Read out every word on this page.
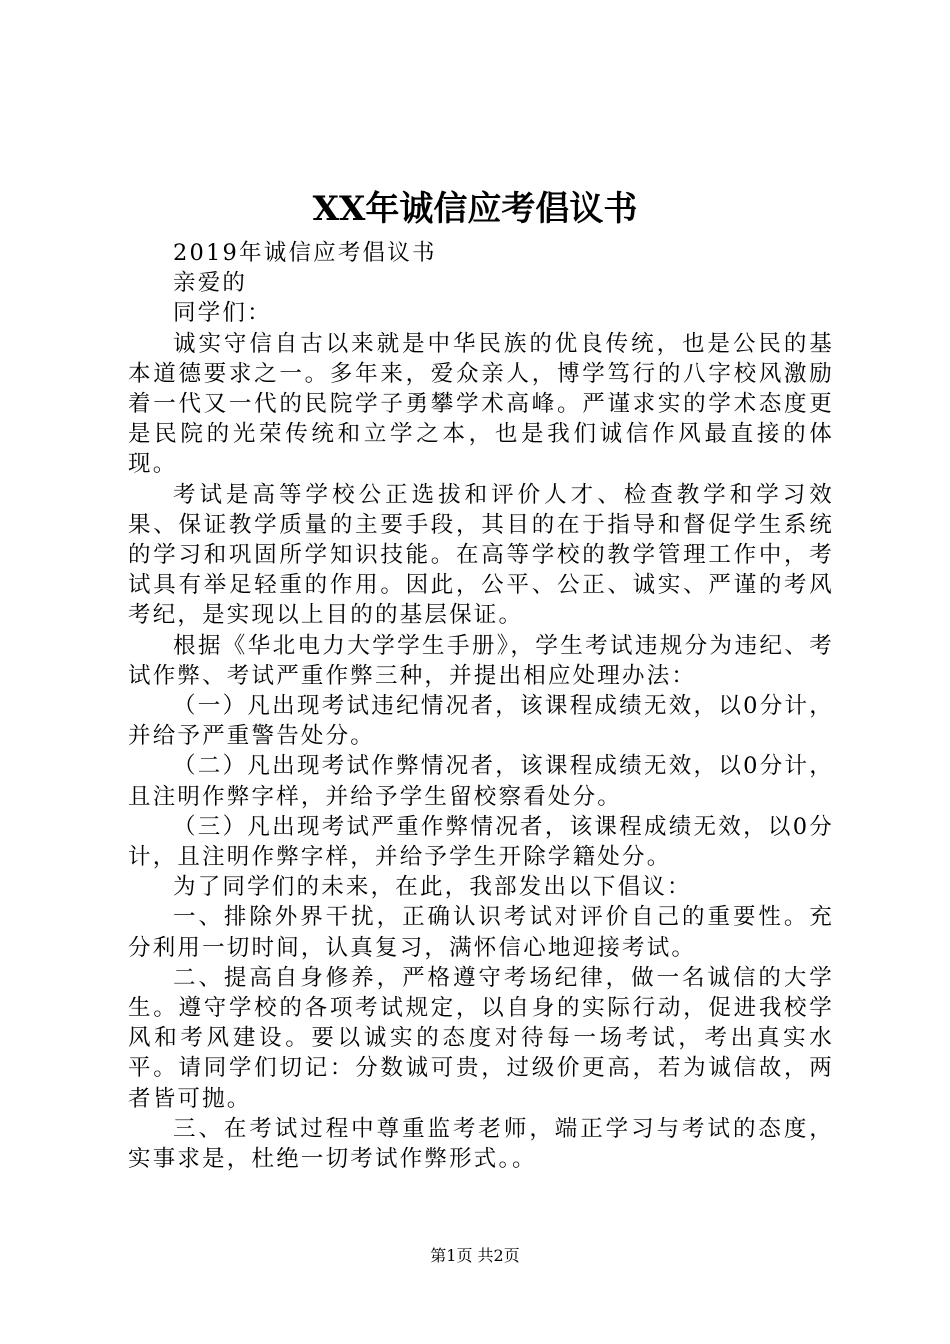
XX年诚信应考倡议书

2019年诚信应考倡议书

亲爱的

同学们：

诚实守信自古以来就是中华民族的优良传统，也是公民的基本道德要求之一。多年来，爱众亲人，博学笃行的八字校风激励着一代又一代的民院学子勇攀学术高峰。严谨求实的学术态度更是民院的光荣传统和立学之本，也是我们诚信作风最直接的体现。

考试是高等学校公正选拔和评价人才、检查教学和学习效果、保证教学质量的主要手段，其目的在于指导和督促学生系统的学习和巩固所学知识技能。在高等学校的教学管理工作中，考试具有举足轻重的作用。因此，公平、公正、诚实、严谨的考风考纪，是实现以上目的的基层保证。

根据《华北电力大学学生手册》，学生考试违规分为违纪、考试作弊、考试严重作弊三种，并提出相应处理办法：

（一）凡出现考试违纪情况者，该课程成绩无效，以0分计，并给予严重警告处分。

（二）凡出现考试作弊情况者，该课程成绩无效，以0分计，且注明作弊字样，并给予学生留校察看处分。

（三）凡出现考试严重作弊情况者，该课程成绩无效，以0分计，且注明作弊字样，并给予学生开除学籍处分。

为了同学们的未来，在此，我部发出以下倡议：

一、排除外界干扰，正确认识考试对评价自己的重要性。充分利用一切时间，认真复习，满怀信心地迎接考试。

二、提高自身修养，严格遵守考场纪律，做一名诚信的大学生。遵守学校的各项考试规定，以自身的实际行动，促进我校学风和考风建设。要以诚实的态度对待每一场考试，考出真实水平。请同学们切记：分数诚可贵，过级价更高，若为诚信故，两者皆可抛。

三、在考试过程中尊重监考老师，端正学习与考试的态度，实事求是，杜绝一切考试作弊形式。。

第1页 共2页
